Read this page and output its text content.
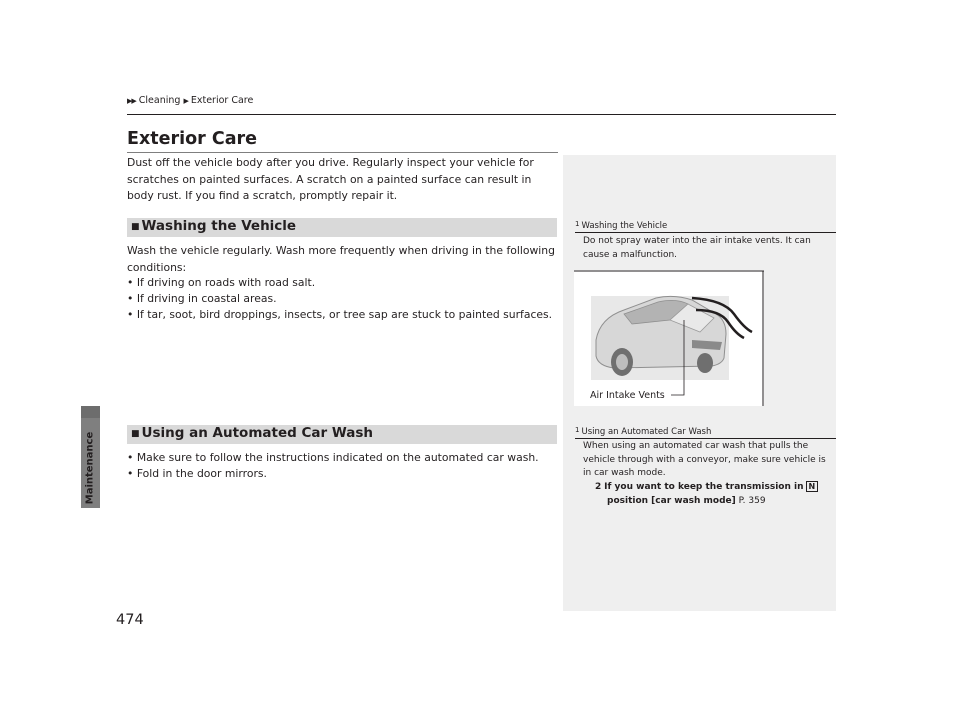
Maintenance
▶▶ Cleaning ▶ Exterior Care
Exterior Care
Dust off the vehicle body after you drive. Regularly inspect your vehicle for scratches on painted surfaces. A scratch on a painted surface can result in body rust. If you find a scratch, promptly repair it.
■ Washing the Vehicle
Wash the vehicle regularly. Wash more frequently when driving in the following conditions:
• If driving on roads with road salt.
• If driving in coastal areas.
• If tar, soot, bird droppings, insects, or tree sap are stuck to painted surfaces.
■ Using an Automated Car Wash
• Make sure to follow the instructions indicated on the automated car wash.
• Fold in the door mirrors.
$^1$ Washing the Vehicle
Do not spray water into the air intake vents. It can cause a malfunction.
Air Intake Vents
$^1$ Using an Automated Car Wash
When using an automated car wash that pulls the vehicle through with a conveyor, make sure vehicle is in car wash mode.
2 If you want to keep the transmission in N
position [car wash mode] P. 359
474
